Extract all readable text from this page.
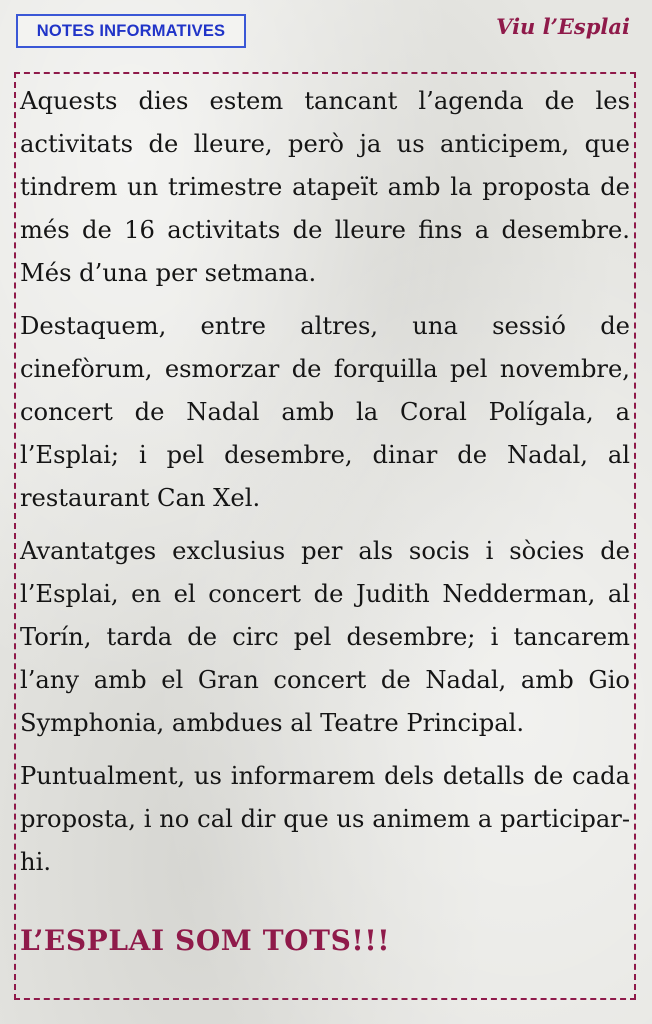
NOTES INFORMATIVES	Viu l’Esplai

Aquests dies estem tancant l’agenda de les activitats de lleure, però ja us anticipem, que tindrem un trimestre atapeït amb la proposta de més de 16 activitats de lleure fins a desembre. Més d’una per setmana.

Destaquem, entre altres, una sessió de cinefòrum, esmorzar de forquilla pel novembre, concert de Nadal amb la Coral Polígala, a l’Esplai; i pel desembre, dinar de Nadal, al restaurant Can Xel.

Avantatges exclusius per als socis i sòcies de l’Esplai, en el concert de Judith Nedderman, al Torín, tarda de circ pel desembre; i tancarem l’any amb el Gran concert de Nadal, amb Gio Symphonia, ambdues al Teatre Principal.

Puntualment, us informarem dels detalls de cada proposta, i no cal dir que us animem a participar-hi.

L’ESPLAI SOM TOTS!!!
